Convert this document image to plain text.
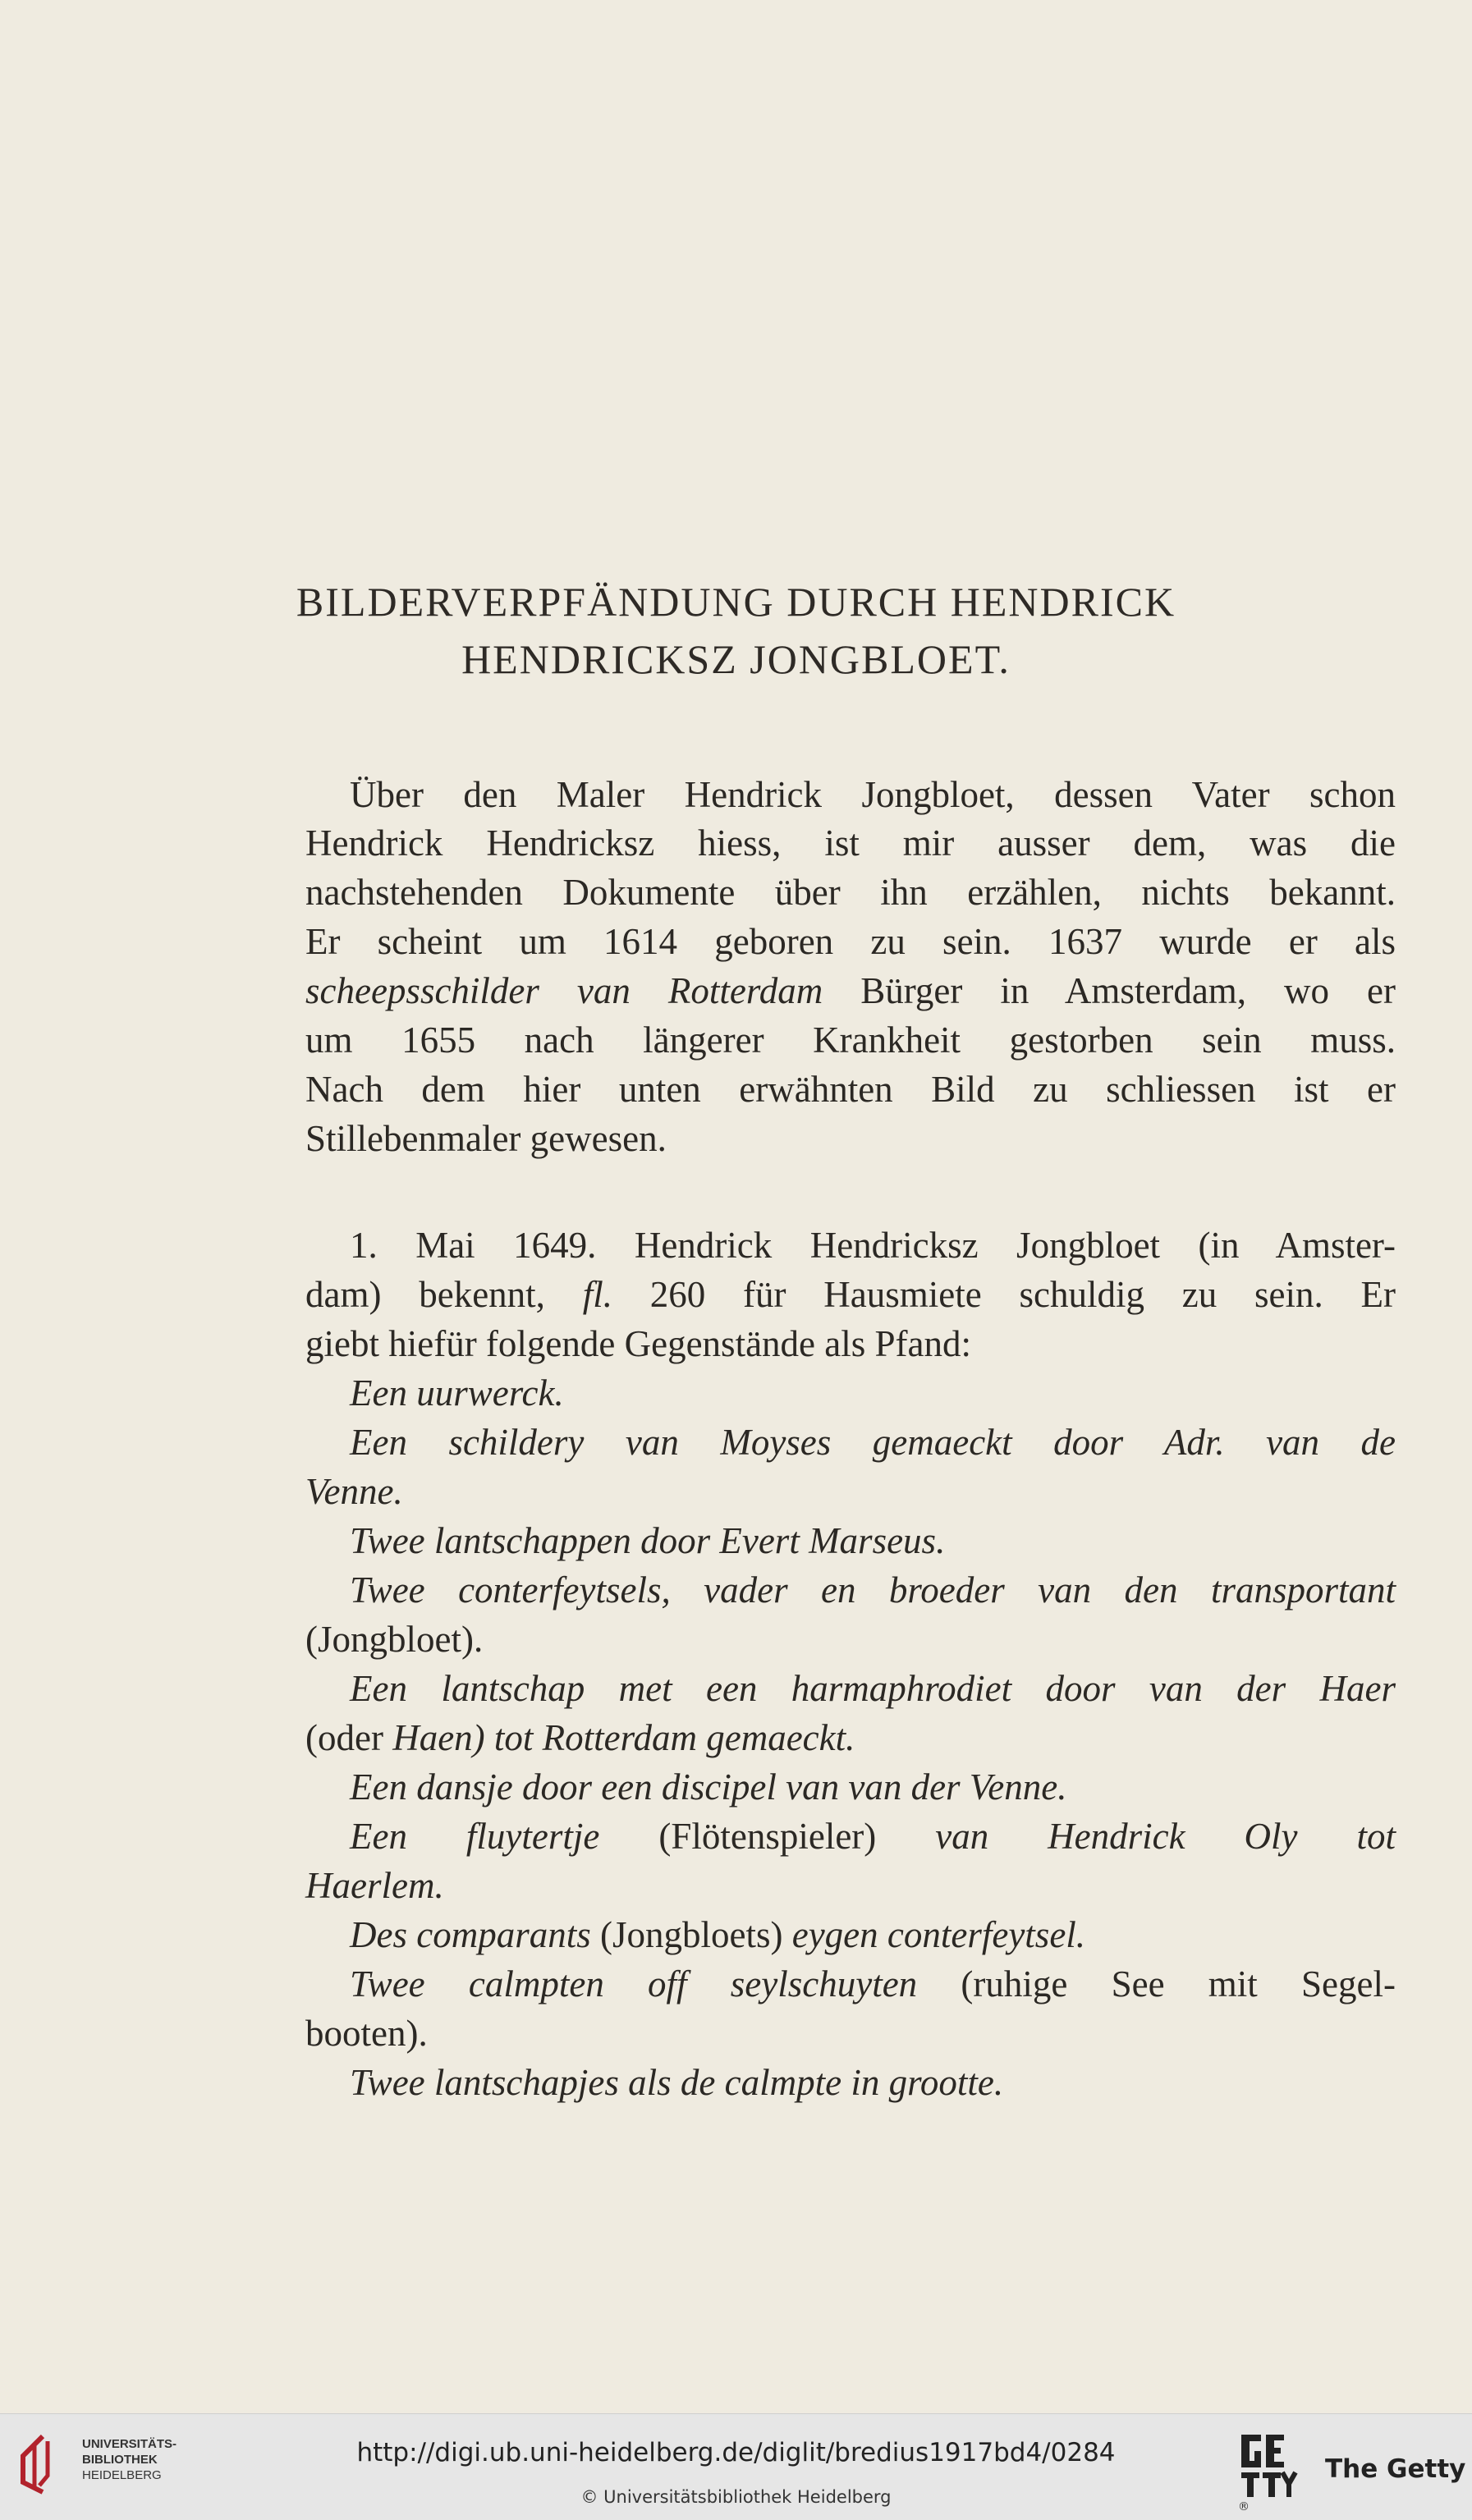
BILDERVERPFÄNDUNG DURCH HENDRICK
HENDRICKSZ JONGBLOET.
Über den Maler Hendrick Jongbloet, dessen Vater schon
Hendrick Hendricksz hiess, ist mir ausser dem, was die
nachstehenden Dokumente über ihn erzählen, nichts bekannt.
Er scheint um 1614 geboren zu sein. 1637 wurde er als
scheepsschilder van Rotterdam Bürger in Amsterdam, wo er
um 1655 nach längerer Krankheit gestorben sein muss.
Nach dem hier unten erwähnten Bild zu schliessen ist er
Stillebenmaler gewesen.
1. Mai 1649. Hendrick Hendricksz Jongbloet (in Amster-
dam) bekennt, fl. 260 für Hausmiete schuldig zu sein. Er
giebt hiefür folgende Gegenstände als Pfand:
Een uurwerck.
Een schildery van Moyses gemaeckt door Adr. van de
Venne.
Twee lantschappen door Evert Marseus.
Twee conterfeytsels, vader en broeder van den transportant
(Jongbloet).
Een lantschap met een harmaphrodiet door van der Haer
(oder Haen) tot Rotterdam gemaeckt.
Een dansje door een discipel van van der Venne.
Een fluytertje (Flötenspieler) van Hendrick Oly tot
Haerlem.
Des comparants (Jongbloets) eygen conterfeytsel.
Twee calmpten off seylschuyten (ruhige See mit Segel-
booten).
Twee lantschapjes als de calmpte in grootte.
UNIVERSITÄTS-
BIBLIOTHEK
HEIDELBERG
http://digi.ub.uni-heidelberg.de/diglit/bredius1917bd4/0284
© Universitätsbibliothek Heidelberg
The Getty
®
